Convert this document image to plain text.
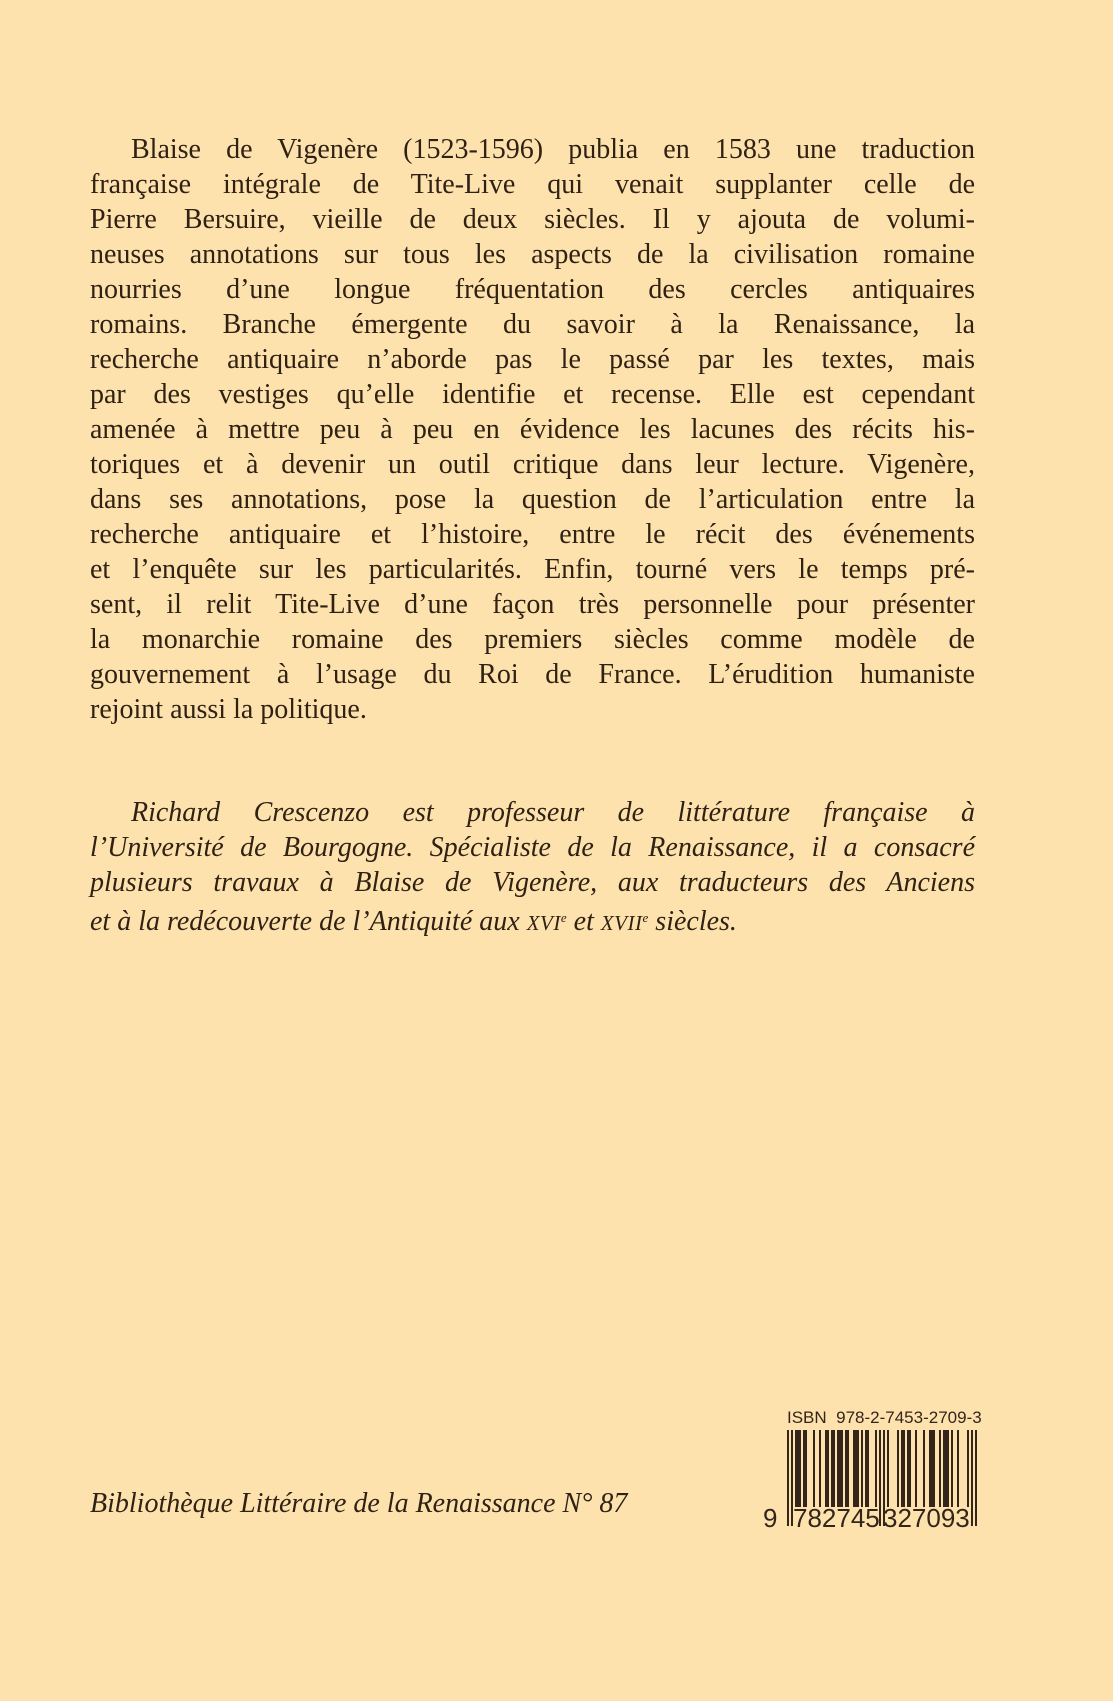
Blaise de Vigenère (1523-1596) publia en 1583 une traduction
française intégrale de Tite-Live qui venait supplanter celle de
Pierre Bersuire, vieille de deux siècles. Il y ajouta de volumi-
neuses annotations sur tous les aspects de la civilisation romaine
nourries d’une longue fréquentation des cercles antiquaires
romains. Branche émergente du savoir à la Renaissance, la
recherche antiquaire n’aborde pas le passé par les textes, mais
par des vestiges qu’elle identifie et recense. Elle est cependant
amenée à mettre peu à peu en évidence les lacunes des récits his-
toriques et à devenir un outil critique dans leur lecture. Vigenère,
dans ses annotations, pose la question de l’articulation entre la
recherche antiquaire et l’histoire, entre le récit des événements
et l’enquête sur les particularités. Enfin, tourné vers le temps pré-
sent, il relit Tite-Live d’une façon très personnelle pour présenter
la monarchie romaine des premiers siècles comme modèle de
gouvernement à l’usage du Roi de France. L’érudition humaniste
rejoint aussi la politique.
Richard Crescenzo est professeur de littérature française à
l’Université de Bourgogne. Spécialiste de la Renaissance, il a consacré
plusieurs travaux à Blaise de Vigenère, aux traducteurs des Anciens
et à la redécouverte de l’Antiquité aux XVIe et XVIIe siècles.
ISBN  978-2-7453-2709-3
9 782745 327093
Bibliothèque Littéraire de la Renaissance N° 87
